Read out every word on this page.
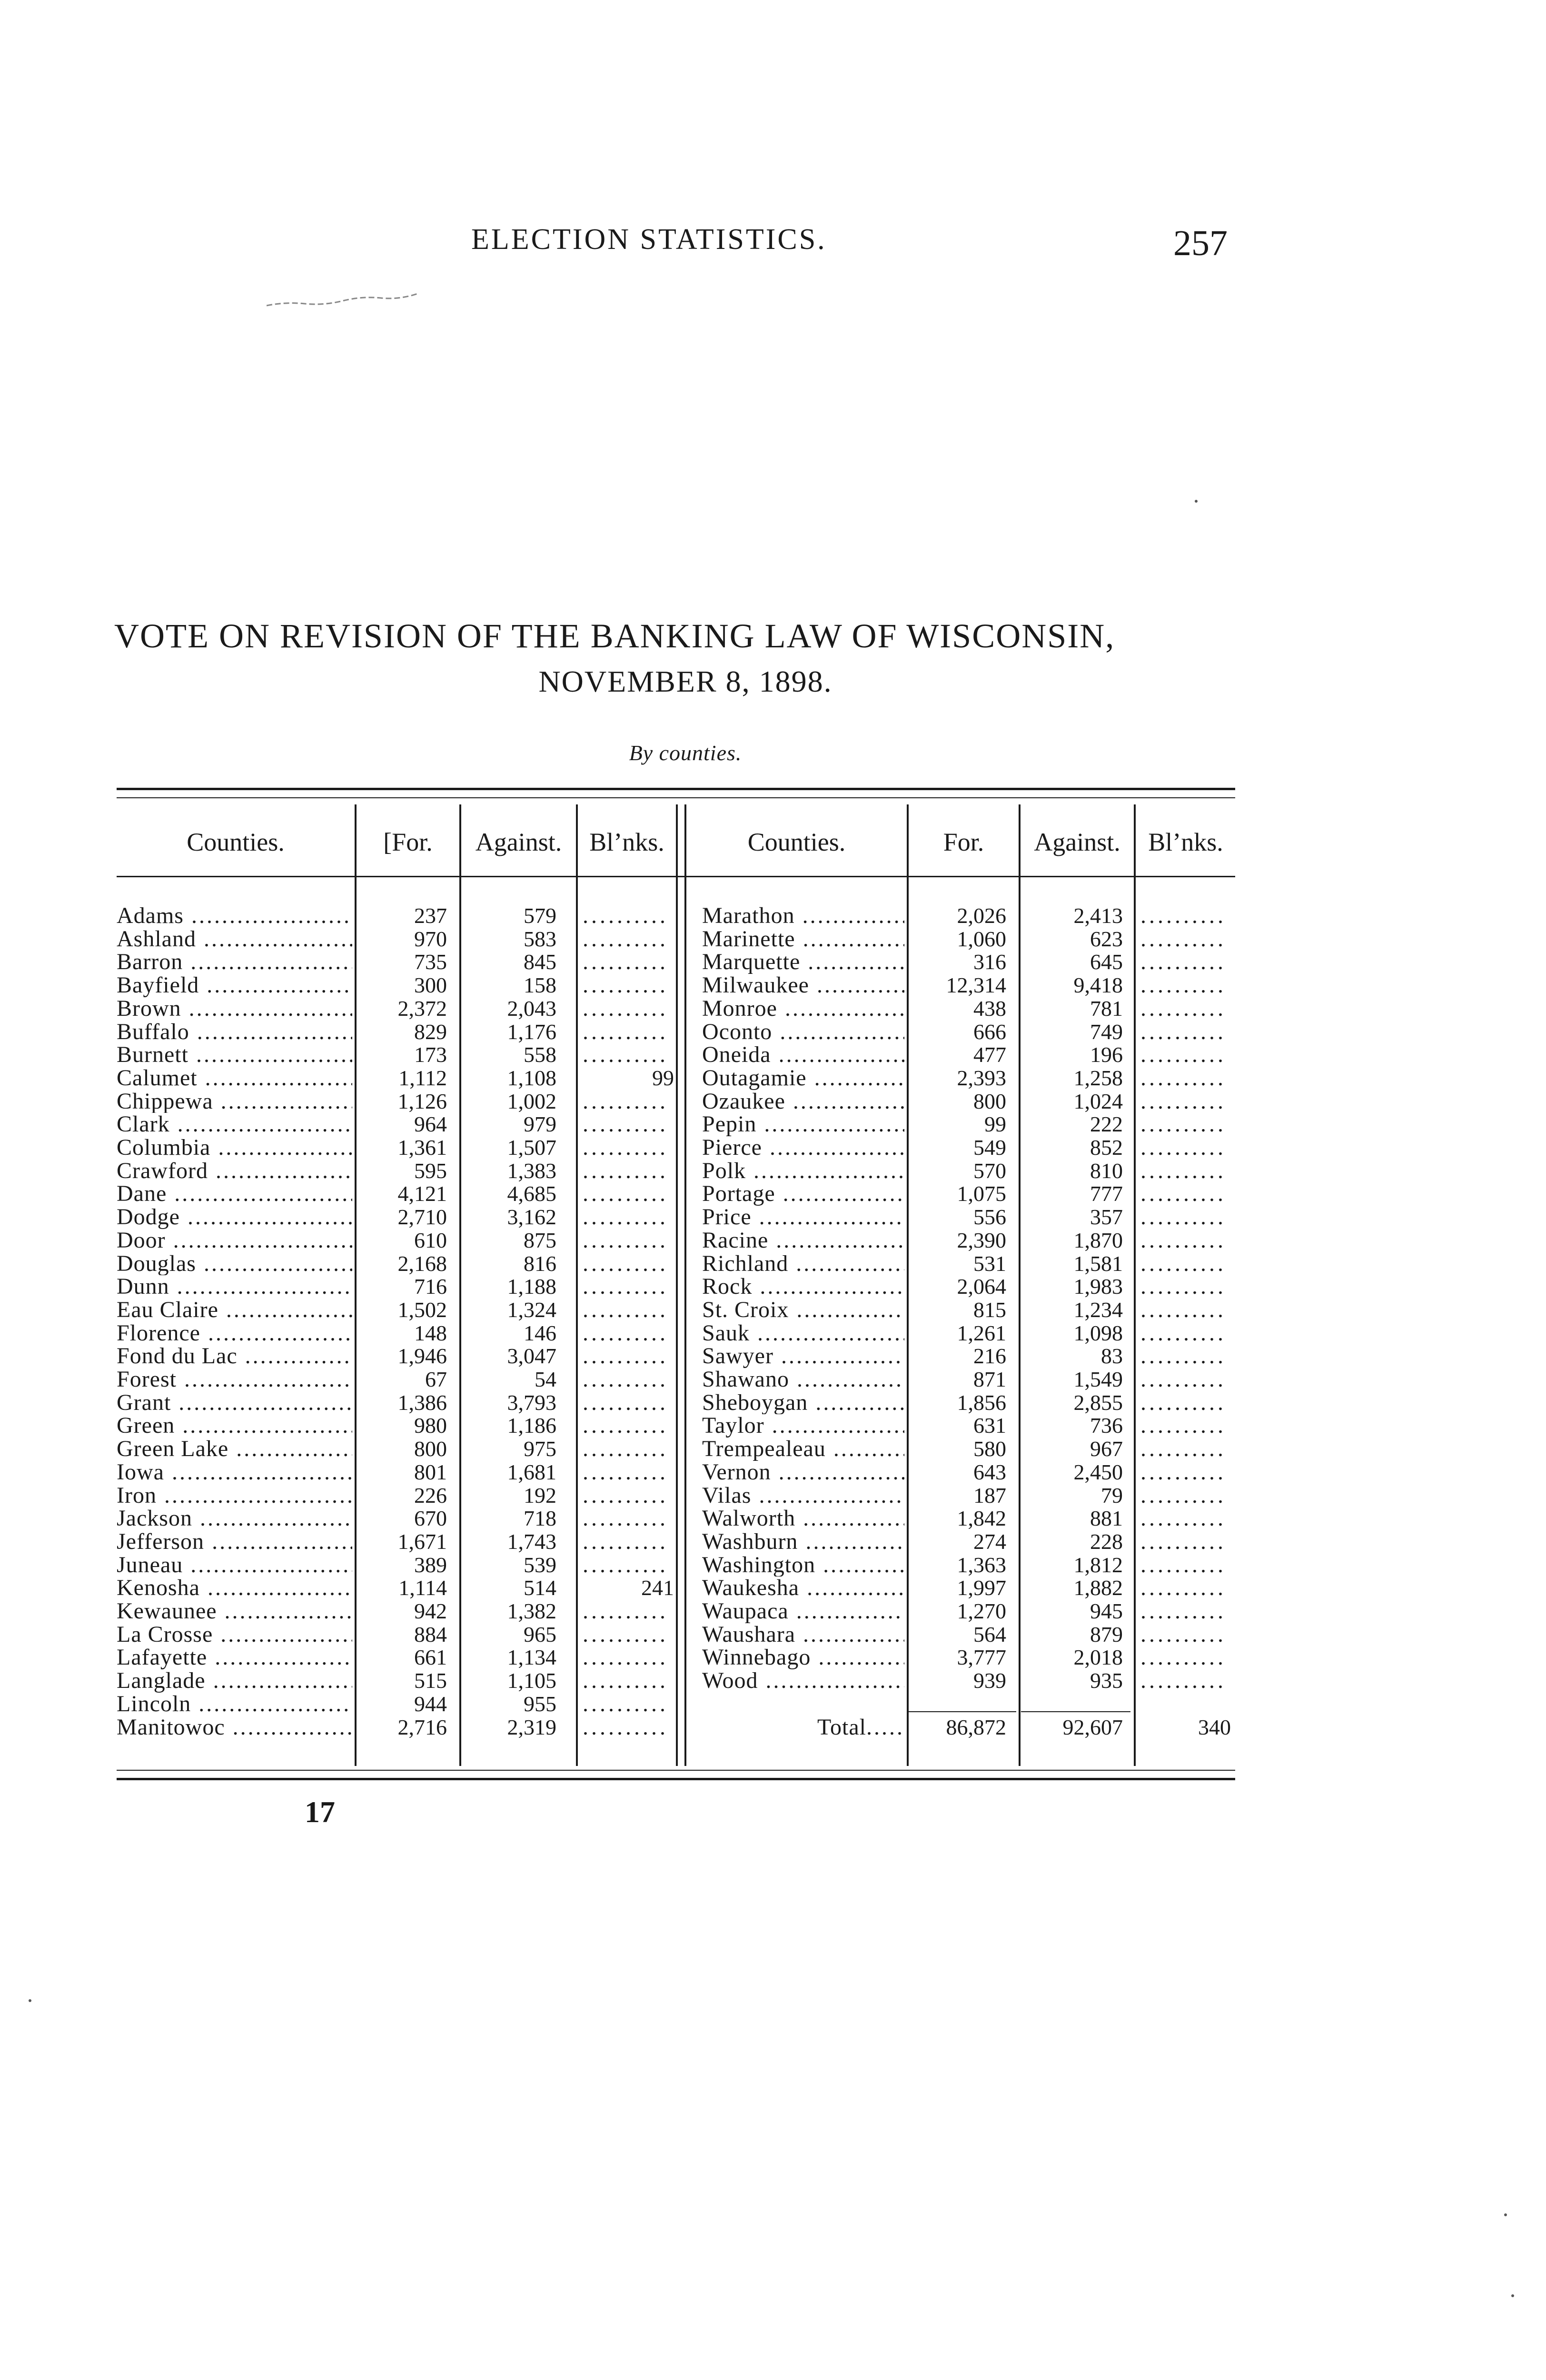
ELECTION STATISTICS.	257
VOTE ON REVISION OF THE BANKING LAW OF WISCONSIN,
NOVEMBER 8, 1898.
By counties.
Counties.	[For.	Against.	Bl’nks.	Counties.	For.	Against.	Bl’nks.
Adams .....	237	579
.....
Ashland .....	970	583
.....
Barron .....	735	845
.....
Bayfield .....	300	158
.....
Brown .....	2,372	2,043
.....
Buffalo .....	829	1,176
.....
Burnett .....	173	558
.....
Calumet .....	1,112	1,108	99
Chippewa .....	1,126	1,002
.....
Clark .....	964	979
.....
Columbia .....	1,361	1,507
.....
Crawford .....	595	1,383
.....
Dane .....	4,121	4,685
.....
Dodge .....	2,710	3,162
.....
Door .....	610	875
.....
Douglas .....	2,168	816
.....
Dunn .....	716	1,188
.....
Eau Claire .....	1,502	1,324
.....
Florence .....	148	146
.....
Fond du Lac .....	1,946	3,047
.....
Forest .....	67	54
.....
Grant .....	1,386	3,793
.....
Green .....	980	1,186
.....
Green Lake .....	800	975
.....
Iowa .....	801	1,681
.....
Iron .....	226	192
.....
Jackson .....	670	718
.....
Jefferson .....	1,671	1,743
.....
Juneau .....	389	539
.....
Kenosha .....	1,114	514	241
Kewaunee .....	942	1,382
.....
La Crosse .....	884	965
.....
Lafayette .....	661	1,134
.....
Langlade .....	515	1,105
.....
Lincoln .....	944	955
.....
Manitowoc .....	2,716	2,319
.....
Marathon .....	2,026	2,413
.....
Marinette .....	1,060	623
.....
Marquette .....	316	645
.....
Milwaukee .....	12,314	9,418
.....
Monroe .....	438	781
.....
Oconto .....	666	749
.....
Oneida .....	477	196
.....
Outagamie .....	2,393	1,258
.....
Ozaukee .....	800	1,024
.....
Pepin .....	99	222
.....
Pierce .....	549	852
.....
Polk .....	570	810
.....
Portage .....	1,075	777
.....
Price .....	556	357
.....
Racine .....	2,390	1,870
.....
Richland .....	531	1,581
.....
Rock .....	2,064	1,983
.....
St. Croix .....	815	1,234
.....
Sauk .....	1,261	1,098
.....
Sawyer .....	216	83
.....
Shawano .....	871	1,549
.....
Sheboygan .....	1,856	2,855
.....
Taylor .....	631	736
.....
Trempealeau .....	580	967
.....
Vernon .....	643	2,450
.....
Vilas .....	187	79
.....
Walworth .....	1,842	881
.....
Washburn .....	274	228
.....
Washington .....	1,363	1,812
.....
Waukesha .....	1,997	1,882
.....
Waupaca .....	1,270	945
.....
Waushara .....	564	879
.....
Winnebago .....	3,777	2,018
.....
Wood .....	939	935
.....
Total
.....	86,872	92,607	340
17
